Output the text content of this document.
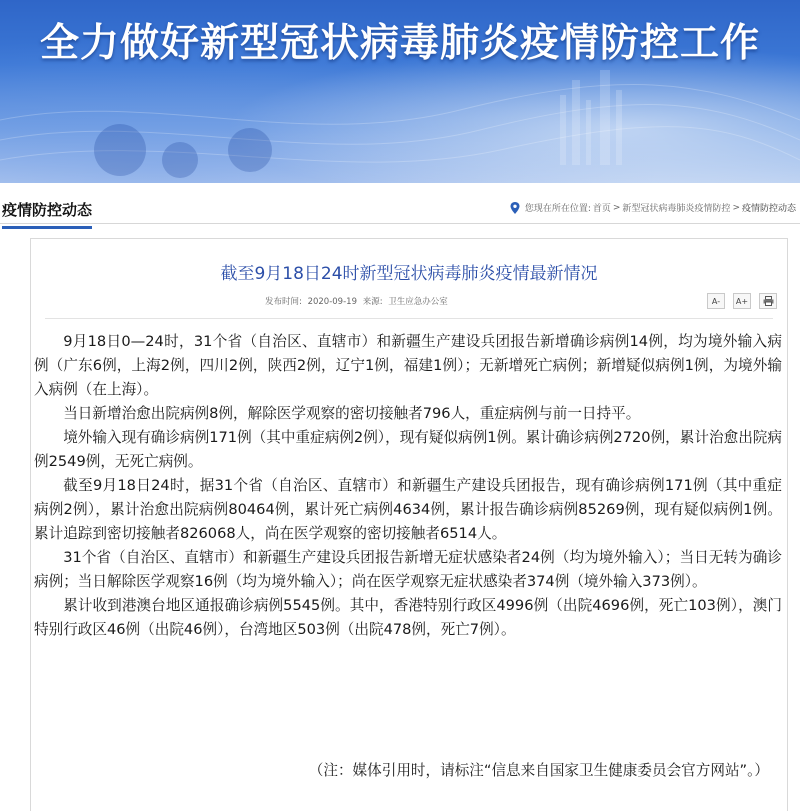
全力做好新型冠状病毒肺炎疫情防控工作
疫情防控动态	您现在所在位置: 首页 > 新型冠状病毒肺炎疫情防控 > 疫情防控动态
截至9月18日24时新型冠状病毒肺炎疫情最新情况
发布时间: 2020-09-19 来源: 卫生应急办公室	A-	A+

9月18日0—24时，31个省（自治区、直辖市）和新疆生产建设兵团报告新增确诊病例14例，均为境外输入病例（广东6例，上海2例，四川2例，陕西2例，辽宁1例，福建1例）；无新增死亡病例；新增疑似病例1例，为境外输入病例（在上海）。

当日新增治愈出院病例8例，解除医学观察的密切接触者796人，重症病例与前一日持平。

境外输入现有确诊病例171例（其中重症病例2例），现有疑似病例1例。累计确诊病例2720例，累计治愈出院病例2549例，无死亡病例。

截至9月18日24时，据31个省（自治区、直辖市）和新疆生产建设兵团报告，现有确诊病例171例（其中重症病例2例），累计治愈出院病例80464例，累计死亡病例4634例，累计报告确诊病例85269例，现有疑似病例1例。累计追踪到密切接触者826068人，尚在医学观察的密切接触者6514人。

31个省（自治区、直辖市）和新疆生产建设兵团报告新增无症状感染者24例（均为境外输入）；当日无转为确诊病例；当日解除医学观察16例（均为境外输入）；尚在医学观察无症状感染者374例（境外输入373例）。

累计收到港澳台地区通报确诊病例5545例。其中，香港特别行政区4996例（出院4696例，死亡103例），澳门特别行政区46例（出院46例），台湾地区503例（出院478例，死亡7例）。

（注：媒体引用时，请标注“信息来自国家卫生健康委员会官方网站”。）
